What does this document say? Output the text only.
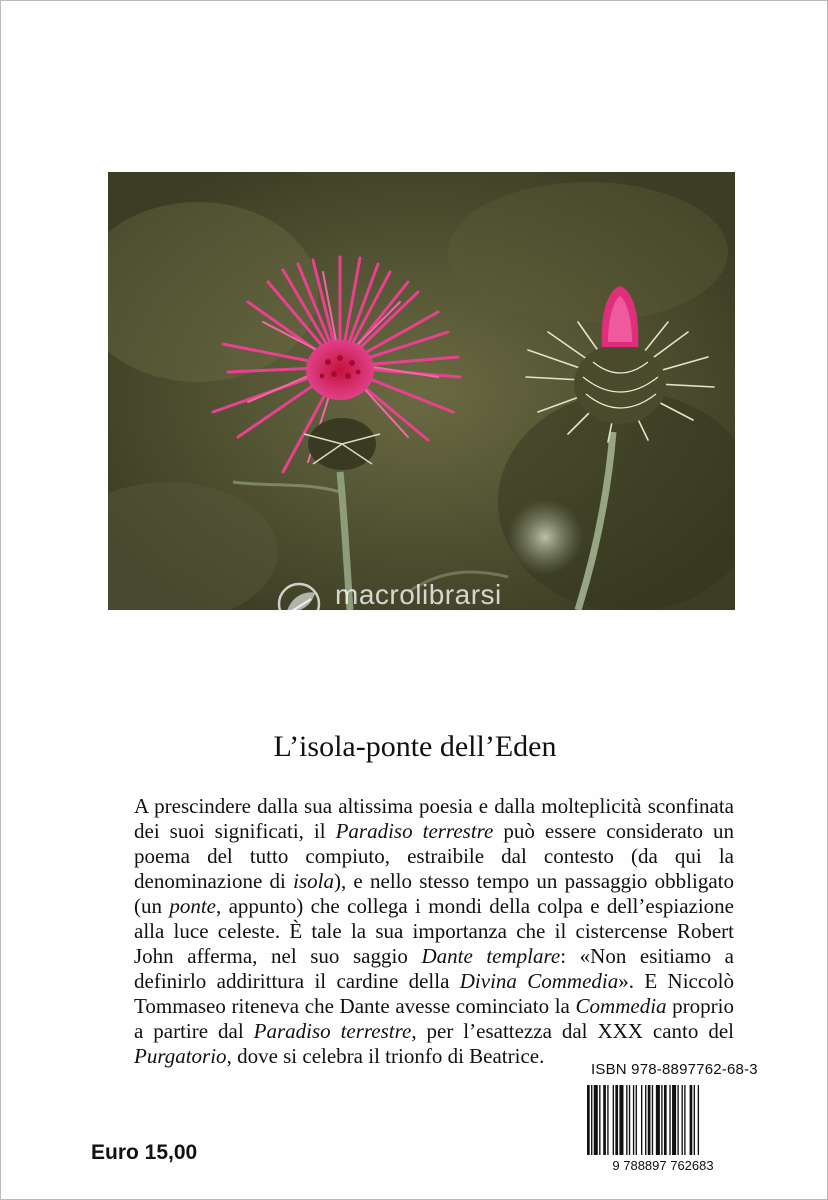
macrolibrarsi
ALTERNATIVA NATURALE
L’isola-ponte dell’Eden

A prescindere dalla sua altissima poesia e dalla molteplicità sconfinata dei suoi significati, il Paradiso terrestre può essere considerato un poema del tutto compiuto, estraibile dal contesto (da qui la denominazione di isola), e nello stesso tempo un passaggio obbligato (un ponte, appunto) che collega i mondi della colpa e dell’espiazione alla luce celeste. È tale la sua importanza che il cistercense Robert John afferma, nel suo saggio Dante templare: «Non esitiamo a definirlo addirittura il cardine della Divina Commedia». E Niccolò Tommaseo riteneva che Dante avesse cominciato la Commedia proprio a partire dal Paradiso terrestre, per l’esattezza dal XXX canto del Purgatorio, dove si celebra il trionfo di Beatrice.

ISBN 978-8897762-68-3
9 788897 762683
Euro 15,00
